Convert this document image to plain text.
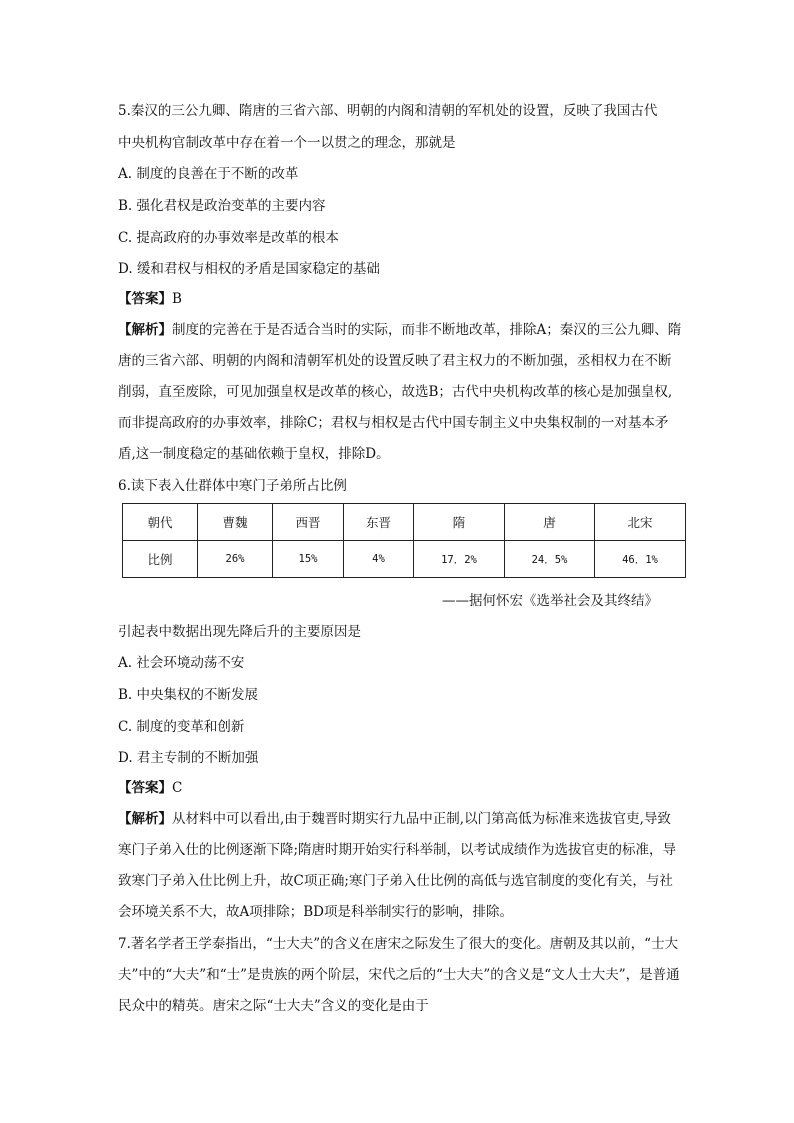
5.秦汉的三公九卿、隋唐的三省六部、明朝的内阁和清朝的军机处的设置，反映了我国古代
中央机构官制改革中存在着一个一以贯之的理念，那就是
A. 制度的良善在于不断的改革
B. 强化君权是政治变革的主要内容
C. 提高政府的办事效率是改革的根本
D. 缓和君权与相权的矛盾是国家稳定的基础
【答案】B
【解析】制度的完善在于是否适合当时的实际，而非不断地改革，排除A；秦汉的三公九卿、隋唐的三省六部、明朝的内阁和清朝军机处的设置反映了君主权力的不断加强，丞相权力在不断削弱，直至废除，可见加强皇权是改革的核心，故选B；古代中央机构改革的核心是加强皇权,而非提高政府的办事效率，排除C；君权与相权是古代中国专制主义中央集权制的一对基本矛盾,这一制度稳定的基础依赖于皇权，排除D。
6.读下表入仕群体中寒门子弟所占比例
朝代	曹魏	西晋	东晋	隋	唐	北宋
比例	26%	15%	4%	17．2%	24．5%	46．1%
——据何怀宏《选举社会及其终结》
引起表中数据出现先降后升的主要原因是
A. 社会环境动荡不安
B. 中央集权的不断发展
C. 制度的变革和创新
D. 君主专制的不断加强
【答案】C
【解析】从材料中可以看出,由于魏晋时期实行九品中正制,以门第高低为标准来选拔官吏,导致寒门子弟入仕的比例逐渐下降;隋唐时期开始实行科举制，以考试成绩作为选拔官吏的标准，导致寒门子弟入仕比例上升，故C项正确;寒门子弟入仕比例的高低与选官制度的变化有关，与社会环境关系不大，故A项排除；BD项是科举制实行的影响，排除。
7.著名学者王学泰指出，“士大夫”的含义在唐宋之际发生了很大的变化。唐朝及其以前，“士大夫”中的“大夫”和“士”是贵族的两个阶层，宋代之后的“士大夫”的含义是“文人士大夫”，是普通民众中的精英。唐宋之际“士大夫”含义的变化是由于
